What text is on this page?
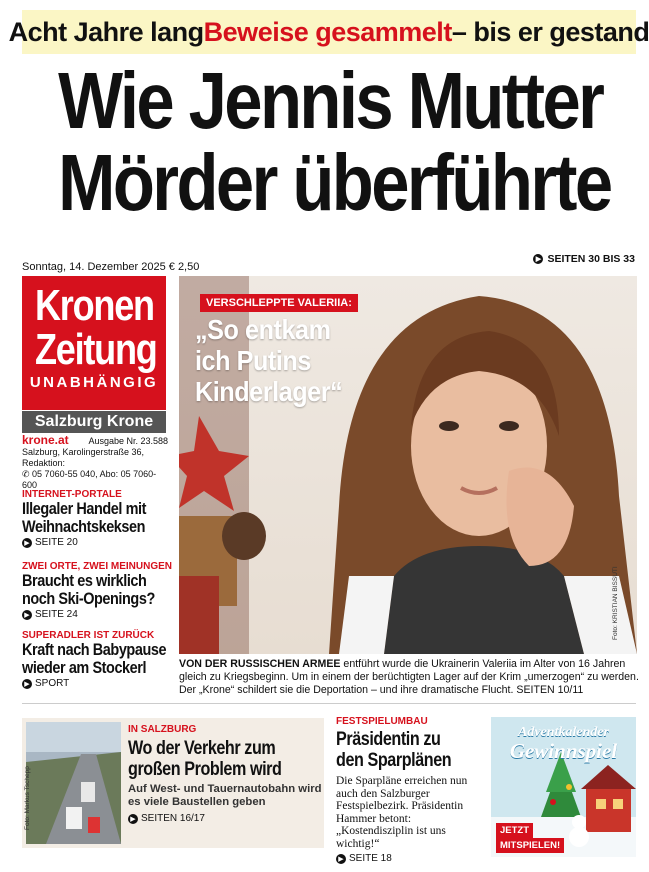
Acht Jahre lang Beweise gesammelt – bis er gestand
Wie Jennis Mutter
Mörder überführte
Sonntag, 14. Dezember 2025 € 2,50
▶ SEITEN 30 BIS 33
Kronen
Zeitung
UNABHÄNGIG
Salzburg Krone
krone.at Ausgabe Nr. 23.588
Salzburg, Karolingerstraße 36, Redaktion:
✆ 05 7060-55 040, Abo: 05 7060-600
INTERNET-PORTALE
Illegaler Handel mit
Weihnachtskeksen
▶ SEITE 20
ZWEI ORTE, ZWEI MEINUNGEN
Braucht es wirklich
noch Ski-Openings?
▶ SEITE 24
SUPERADLER IST ZURÜCK
Kraft nach Babypause
wieder am Stockerl
▶ SPORT
VERSCHLEPPTE VALERIIA:
„So entkam
ich Putins
Kinderlager“
Foto: KRISTIAN BISSUTI
VON DER RUSSISCHEN ARMEE entführt wurde die Ukrainerin Valeriia im Alter von 16 Jahren gleich zu Kriegsbeginn. Um in einem der berüchtigten Lager auf der Krim „umerzogen“ zu werden. Der „Krone“ schildert sie die Deportation – und ihre dramatische Flucht. SEITEN 10/11
Foto: Markus Tschepp
IN SALZBURG
Wo der Verkehr zum
großen Problem wird
Auf West- und Tauernautobahn wird es viele Baustellen geben
▶ SEITEN 16/17
FESTSPIELUMBAU
Präsidentin zu
den Sparplänen
Die Sparpläne erreichen nun auch den Salzburger Festspielbezirk. Präsidentin Hammer betont: „Kostendisziplin ist uns wichtig!“
▶ SEITE 18
Adventkalender
Gewinnspiel
JETZT
MITSPIELEN!
